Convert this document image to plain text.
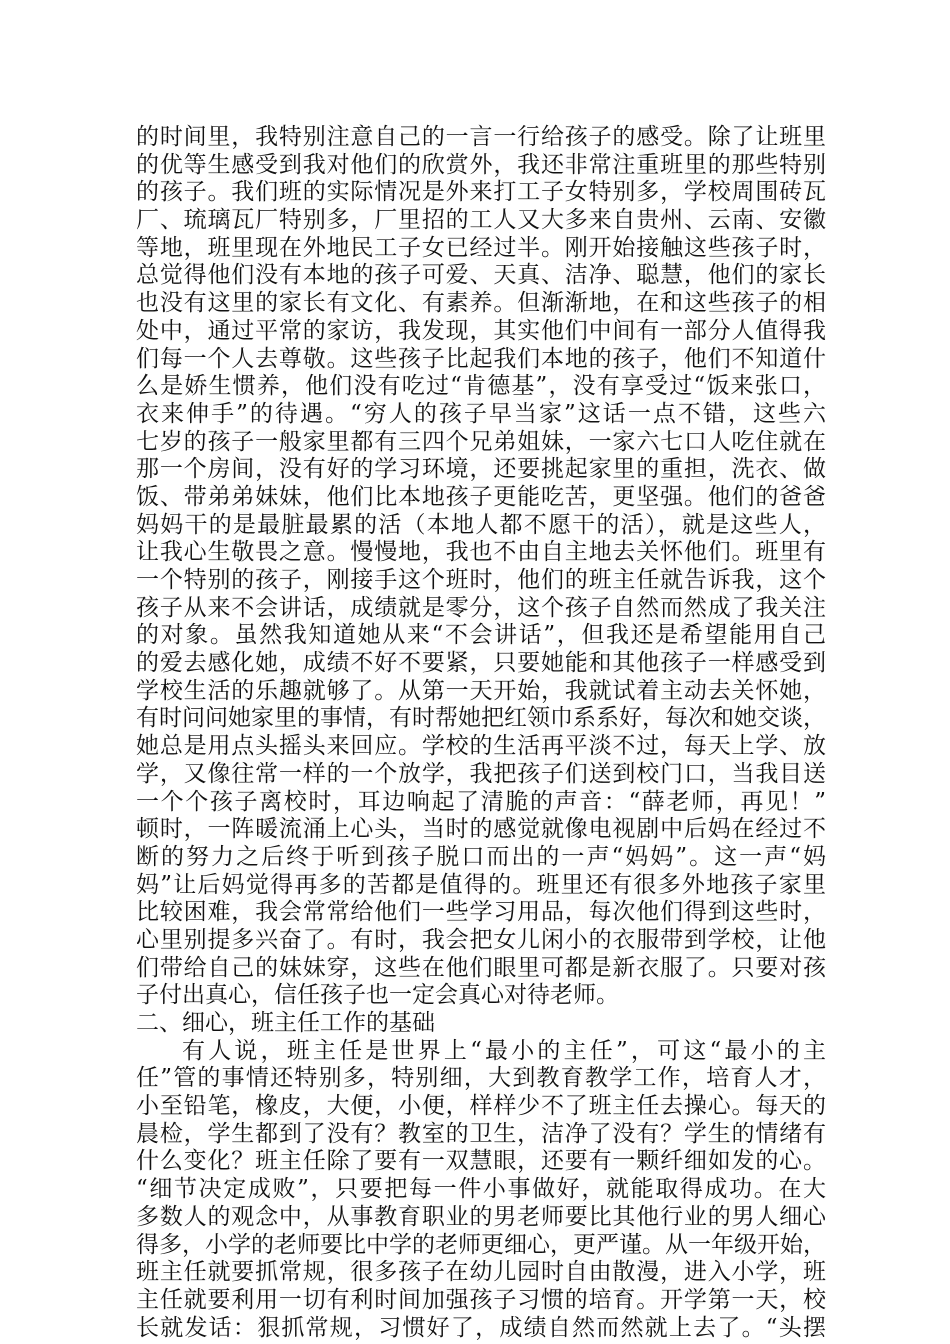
的时间里，我特别注意自己的一言一行给孩子的感受。除了让班里
的优等生感受到我对他们的欣赏外，我还非常注重班里的那些特别
的孩子。我们班的实际情况是外来打工子女特别多，学校周围砖瓦
厂、琉璃瓦厂特别多，厂里招的工人又大多来自贵州、云南、安徽
等地，班里现在外地民工子女已经过半。刚开始接触这些孩子时，
总觉得他们没有本地的孩子可爱、天真、洁净、聪慧，他们的家长
也没有这里的家长有文化、有素养。但渐渐地，在和这些孩子的相
处中，通过平常的家访，我发现，其实他们中间有一部分人值得我
们每一个人去尊敬。这些孩子比起我们本地的孩子，他们不知道什
么是娇生惯养，他们没有吃过“肯德基”，没有享受过“饭来张口，
衣来伸手”的待遇。“穷人的孩子早当家”这话一点不错，这些六
七岁的孩子一般家里都有三四个兄弟姐妹，一家六七口人吃住就在
那一个房间，没有好的学习环境，还要挑起家里的重担，洗衣、做
饭、带弟弟妹妹，他们比本地孩子更能吃苦，更坚强。他们的爸爸
妈妈干的是最脏最累的活（本地人都不愿干的活），就是这些人，
让我心生敬畏之意。慢慢地，我也不由自主地去关怀他们。班里有
一个特别的孩子，刚接手这个班时，他们的班主任就告诉我，这个
孩子从来不会讲话，成绩就是零分，这个孩子自然而然成了我关注
的对象。虽然我知道她从来“不会讲话”，但我还是希望能用自己
的爱去感化她，成绩不好不要紧，只要她能和其他孩子一样感受到
学校生活的乐趣就够了。从第一天开始，我就试着主动去关怀她，
有时问问她家里的事情，有时帮她把红领巾系系好，每次和她交谈，
她总是用点头摇头来回应。学校的生活再平淡不过，每天上学、放
学，又像往常一样的一个放学，我把孩子们送到校门口，当我目送
一个个孩子离校时，耳边响起了清脆的声音：“薛老师，再见！”
顿时，一阵暖流涌上心头，当时的感觉就像电视剧中后妈在经过不
断的努力之后终于听到孩子脱口而出的一声“妈妈”。这一声“妈
妈”让后妈觉得再多的苦都是值得的。班里还有很多外地孩子家里
比较困难，我会常常给他们一些学习用品，每次他们得到这些时，
心里别提多兴奋了。有时，我会把女儿闲小的衣服带到学校，让他
们带给自己的妹妹穿，这些在他们眼里可都是新衣服了。只要对孩
子付出真心，信任孩子也一定会真心对待老师。
二、细心，班主任工作的基础
有人说，班主任是世界上“最小的主任”，可这“最小的主
任”管的事情还特别多，特别细，大到教育教学工作，培育人才，
小至铅笔，橡皮，大便，小便，样样少不了班主任去操心。每天的
晨检，学生都到了没有？教室的卫生，洁净了没有？学生的情绪有
什么变化？班主任除了要有一双慧眼，还要有一颗纤细如发的心。
“细节决定成败”，只要把每一件小事做好，就能取得成功。在大
多数人的观念中，从事教育职业的男老师要比其他行业的男人细心
得多，小学的老师要比中学的老师更细心，更严谨。从一年级开始，
班主任就要抓常规，很多孩子在幼儿园时自由散漫，进入小学，班
主任就要利用一切有利时间加强孩子习惯的培育。开学第一天，校
长就发话：狠抓常规，习惯好了，成绩自然而然就上去了。“头摆
